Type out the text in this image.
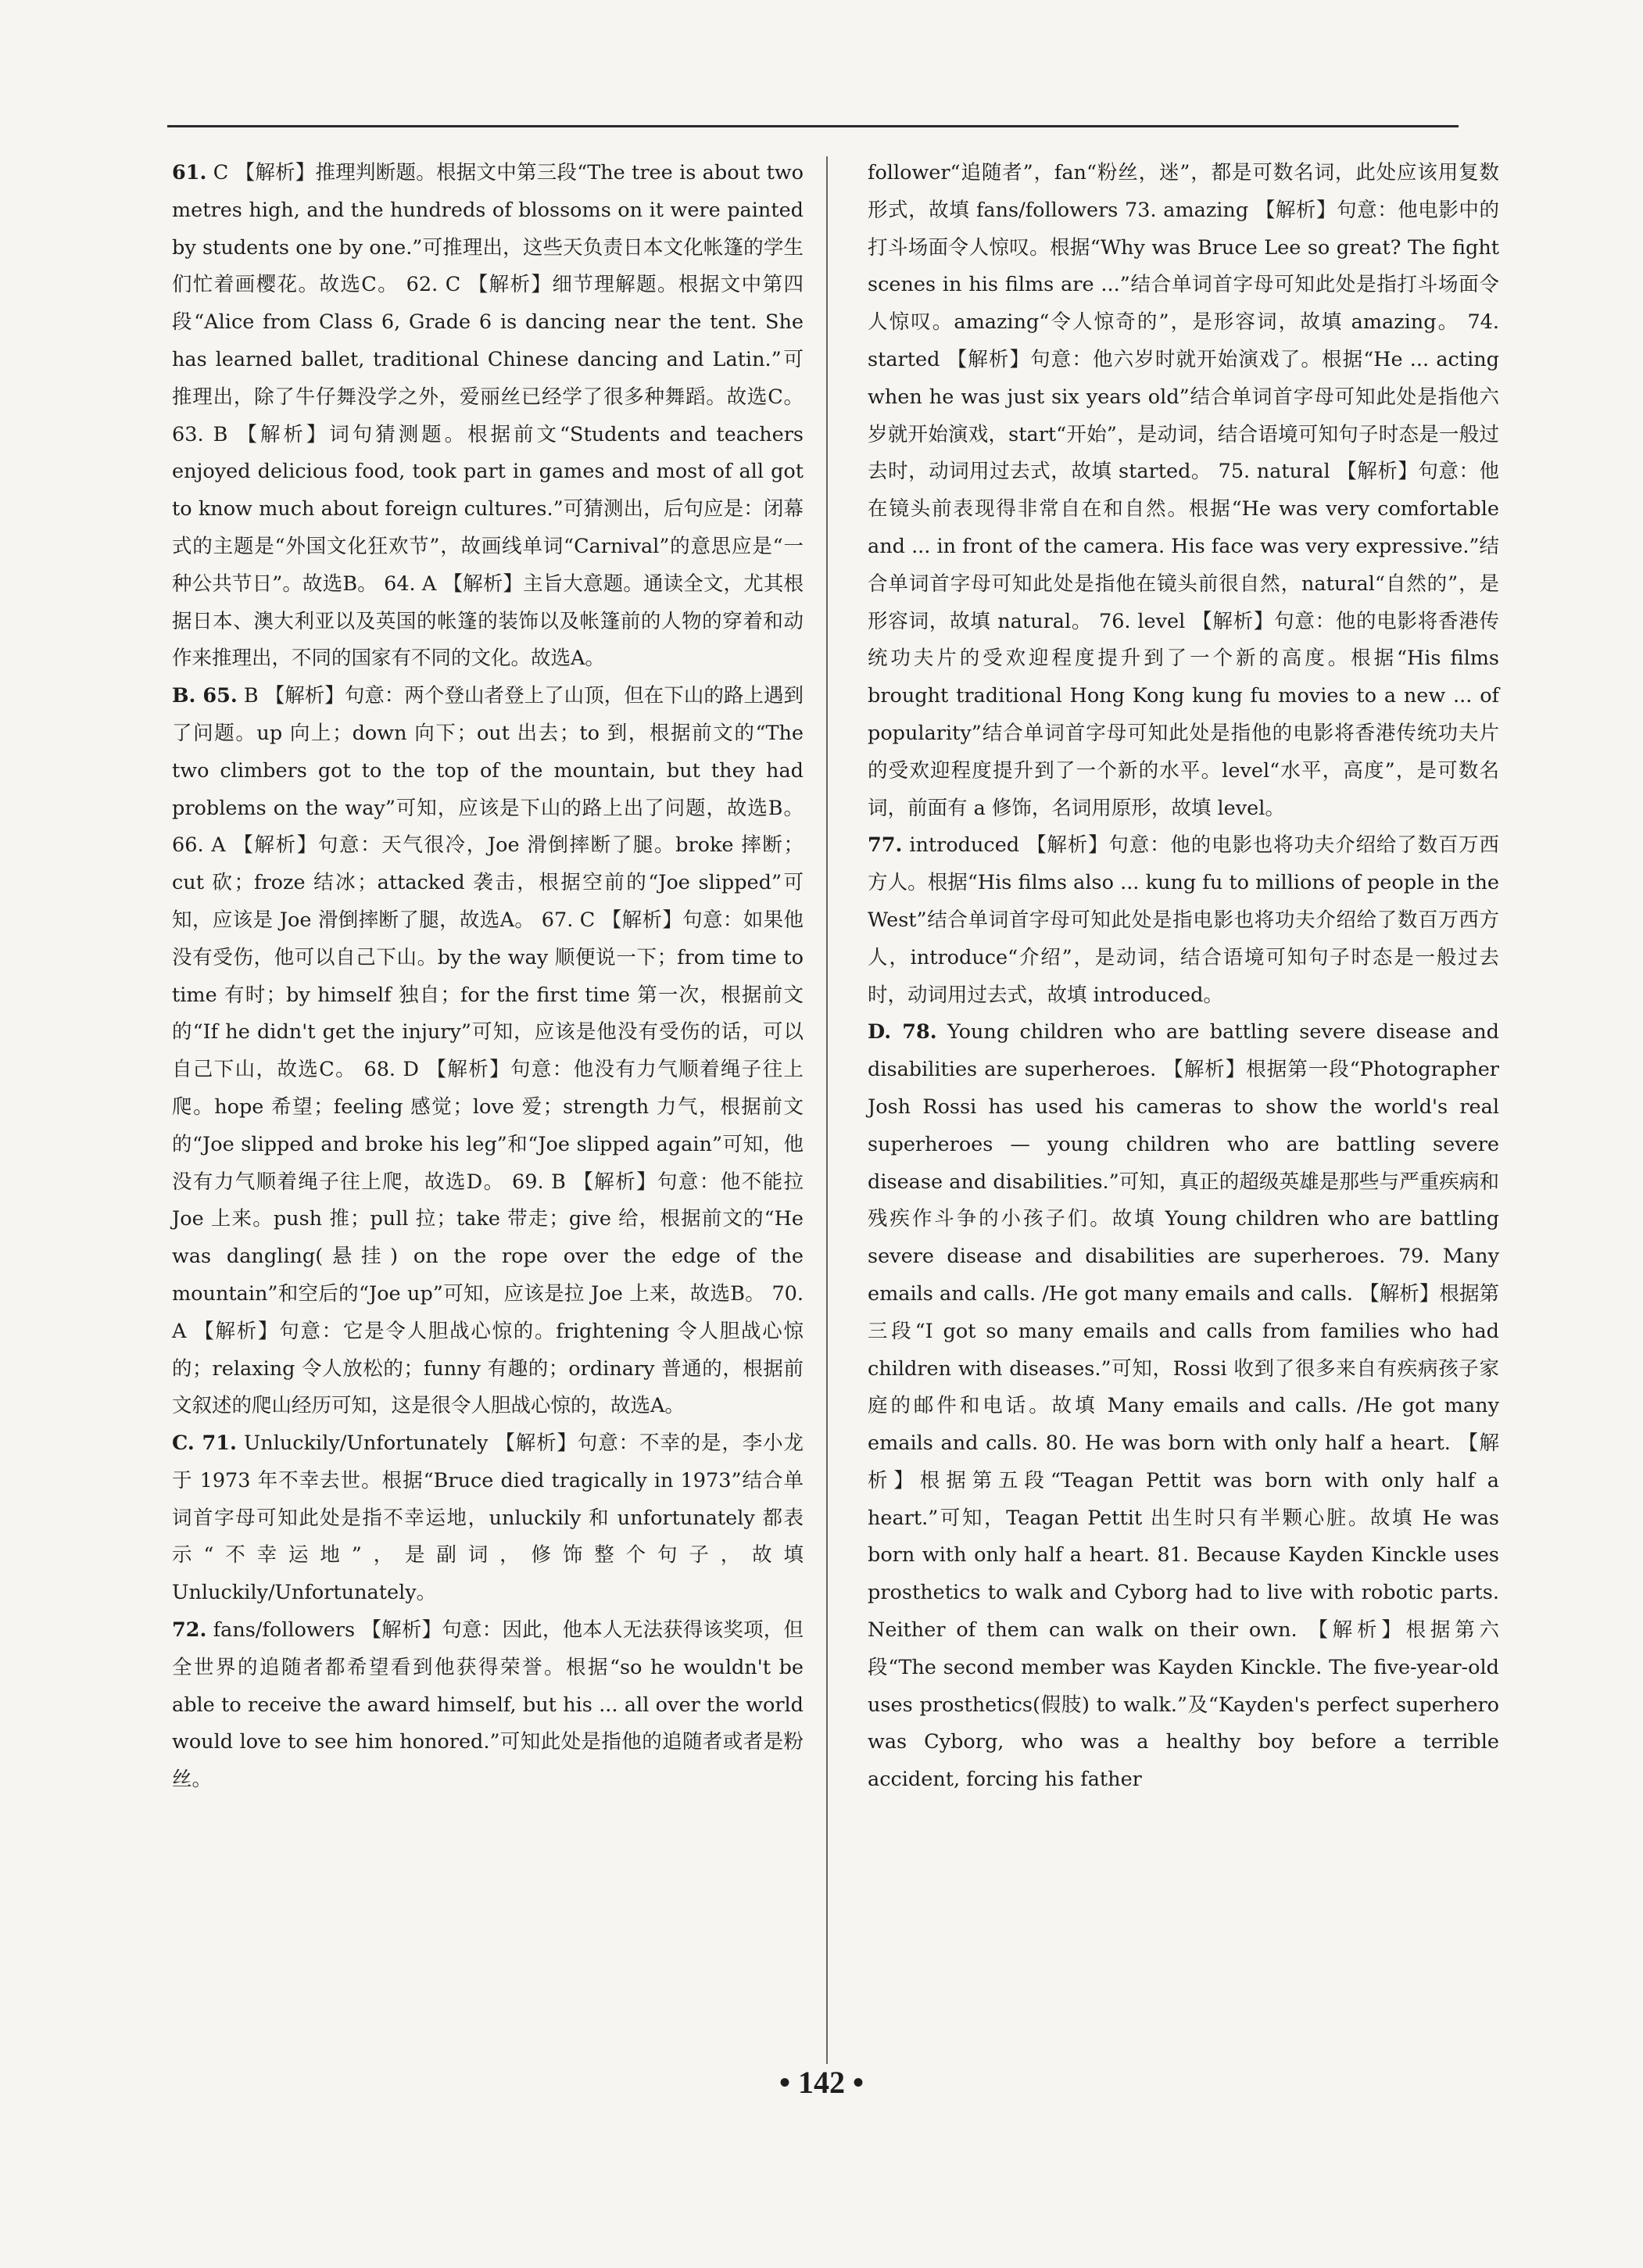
61. C 【解析】推理判断题。根据文中第三段“The tree is about two metres high, and the hundreds of blossoms on it were painted by students one by one.”可推理出，这些天负责日本文化帐篷的学生们忙着画樱花。故选C。 62. C 【解析】细节理解题。根据文中第四段“Alice from Class 6, Grade 6 is dancing near the tent. She has learned ballet, traditional Chinese dancing and Latin.”可推理出，除了牛仔舞没学之外，爱丽丝已经学了很多种舞蹈。故选C。 63. B 【解析】词句猜测题。根据前文“Students and teachers enjoyed delicious food, took part in games and most of all got to know much about foreign cultures.”可猜测出，后句应是：闭幕式的主题是“外国文化狂欢节”，故画线单词“Carnival”的意思应是“一种公共节日”。故选B。 64. A 【解析】主旨大意题。通读全文，尤其根据日本、澳大利亚以及英国的帐篷的装饰以及帐篷前的人物的穿着和动作来推理出，不同的国家有不同的文化。故选A。

B. 65. B 【解析】句意：两个登山者登上了山顶，但在下山的路上遇到了问题。up 向上；down 向下；out 出去；to 到，根据前文的“The two climbers got to the top of the mountain, but they had problems on the way”可知，应该是下山的路上出了问题，故选B。 66. A 【解析】句意：天气很冷，Joe 滑倒摔断了腿。broke 摔断；cut 砍；froze 结冰；attacked 袭击，根据空前的“Joe slipped”可知，应该是 Joe 滑倒摔断了腿，故选A。 67. C 【解析】句意：如果他没有受伤，他可以自己下山。by the way 顺便说一下；from time to time 有时；by himself 独自；for the first time 第一次，根据前文的“If he didn't get the injury”可知，应该是他没有受伤的话，可以自己下山，故选C。 68. D 【解析】句意：他没有力气顺着绳子往上爬。hope 希望；feeling 感觉；love 爱；strength 力气，根据前文的“Joe slipped and broke his leg”和“Joe slipped again”可知，他没有力气顺着绳子往上爬，故选D。 69. B 【解析】句意：他不能拉 Joe 上来。push 推；pull 拉；take 带走；give 给，根据前文的“He was dangling(悬挂) on the rope over the edge of the mountain”和空后的“Joe up”可知，应该是拉 Joe 上来，故选B。 70. A 【解析】句意：它是令人胆战心惊的。frightening 令人胆战心惊的；relaxing 令人放松的；funny 有趣的；ordinary 普通的，根据前文叙述的爬山经历可知，这是很令人胆战心惊的，故选A。

C. 71. Unluckily/Unfortunately 【解析】句意：不幸的是，李小龙于 1973 年不幸去世。根据“Bruce died tragically in 1973”结合单词首字母可知此处是指不幸运地，unluckily 和 unfortunately 都表示“不幸运地”，是副词，修饰整个句子，故填 Unluckily/Unfortunately。

72. fans/followers 【解析】句意：因此，他本人无法获得该奖项，但全世界的追随者都希望看到他获得荣誉。根据“so he wouldn't be able to receive the award himself, but his ... all over the world would love to see him honored.”可知此处是指他的追随者或者是粉丝。

follower“追随者”，fan“粉丝，迷”，都是可数名词，此处应该用复数形式，故填 fans/followers 73. amazing 【解析】句意：他电影中的打斗场面令人惊叹。根据“Why was Bruce Lee so great? The fight scenes in his films are ...”结合单词首字母可知此处是指打斗场面令人惊叹。amazing“令人惊奇的”，是形容词，故填 amazing。 74. started 【解析】句意：他六岁时就开始演戏了。根据“He ... acting when he was just six years old”结合单词首字母可知此处是指他六岁就开始演戏，start“开始”，是动词，结合语境可知句子时态是一般过去时，动词用过去式，故填 started。 75. natural 【解析】句意：他在镜头前表现得非常自在和自然。根据“He was very comfortable and ... in front of the camera. His face was very expressive.”结合单词首字母可知此处是指他在镜头前很自然，natural“自然的”，是形容词，故填 natural。 76. level 【解析】句意：他的电影将香港传统功夫片的受欢迎程度提升到了一个新的高度。根据“His films brought traditional Hong Kong kung fu movies to a new ... of popularity”结合单词首字母可知此处是指他的电影将香港传统功夫片的受欢迎程度提升到了一个新的水平。level“水平，高度”，是可数名词，前面有 a 修饰，名词用原形，故填 level。

77. introduced 【解析】句意：他的电影也将功夫介绍给了数百万西方人。根据“His films also ... kung fu to millions of people in the West”结合单词首字母可知此处是指电影也将功夫介绍给了数百万西方人，introduce“介绍”，是动词，结合语境可知句子时态是一般过去时，动词用过去式，故填 introduced。

D. 78. Young children who are battling severe disease and disabilities are superheroes. 【解析】根据第一段“Photographer Josh Rossi has used his cameras to show the world's real superheroes — young children who are battling severe disease and disabilities.”可知，真正的超级英雄是那些与严重疾病和残疾作斗争的小孩子们。故填 Young children who are battling severe disease and disabilities are superheroes. 79. Many emails and calls. /He got many emails and calls. 【解析】根据第三段“I got so many emails and calls from families who had children with diseases.”可知，Rossi 收到了很多来自有疾病孩子家庭的邮件和电话。故填 Many emails and calls. /He got many emails and calls. 80. He was born with only half a heart. 【解析】根据第五段“Teagan Pettit was born with only half a heart.”可知，Teagan Pettit 出生时只有半颗心脏。故填 He was born with only half a heart. 81. Because Kayden Kinckle uses prosthetics to walk and Cyborg had to live with robotic parts. Neither of them can walk on their own. 【解析】根据第六段“The second member was Kayden Kinckle. The five-year-old uses prosthetics(假肢) to walk.”及“Kayden's perfect superhero was Cyborg, who was a healthy boy before a terrible accident, forcing his father

• 142 •
